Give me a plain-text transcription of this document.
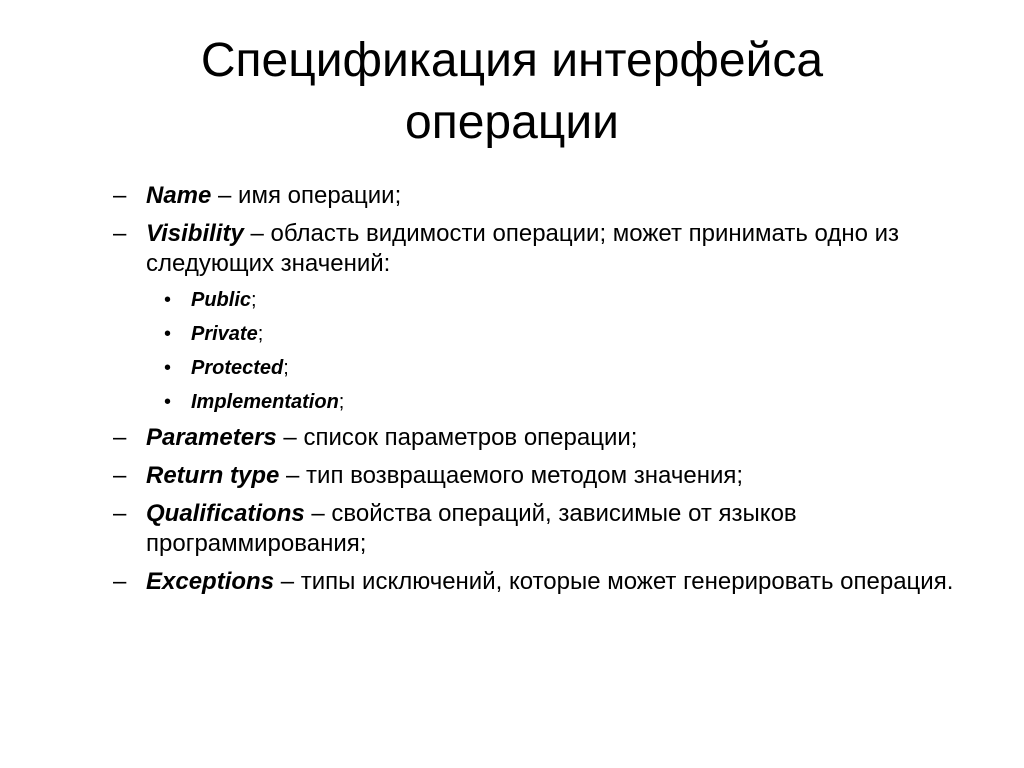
Спецификация интерфейса
операции
– Name – имя операции;
– Visibility – область видимости операции; может принимать одно из следующих значений:
• Public;
• Private;
• Protected;
• Implementation;
– Parameters – список параметров операции;
– Return type – тип возвращаемого методом значения;
– Qualifications – свойства операций, зависимые от языков программирования;
– Exceptions – типы исключений, которые может генерировать операция.
